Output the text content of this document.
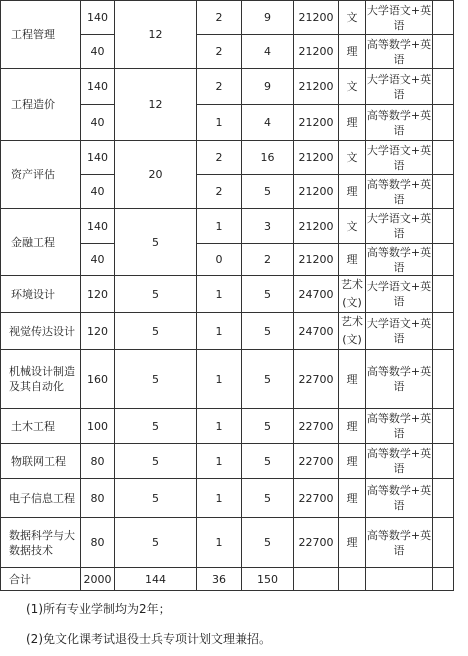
工程管理	140	12	2	9	21200	文	大学语文+英语	
	40		2	4	21200	理	高等数学+英语	
工程造价	140	12	2	9	21200	文	大学语文+英语	
	40		1	4	21200	理	高等数学+英语	
资产评估	140	20	2	16	21200	文	大学语文+英语	
	40		2	5	21200	理	高等数学+英语	
金融工程	140	5	1	3	21200	文	大学语文+英语	
	40		0	2	21200	理	高等数学+英语	
环境设计	120	5	1	5	24700	艺术(文)	大学语文+英语	
视觉传达设计	120	5	1	5	24700	艺术(文)	大学语文+英语	
机械设计制造及其自动化	160	5	1	5	22700	理	高等数学+英语	
土木工程	100	5	1	5	22700	理	高等数学+英语	
物联网工程	80	5	1	5	22700	理	高等数学+英语	
电子信息工程	80	5	1	5	22700	理	高等数学+英语	
数据科学与大数据技术	80	5	1	5	22700	理	高等数学+英语	
合计	2000	144	36	150				
(1)所有专业学制均为2年；
(2)免文化课考试退役士兵专项计划文理兼招。
